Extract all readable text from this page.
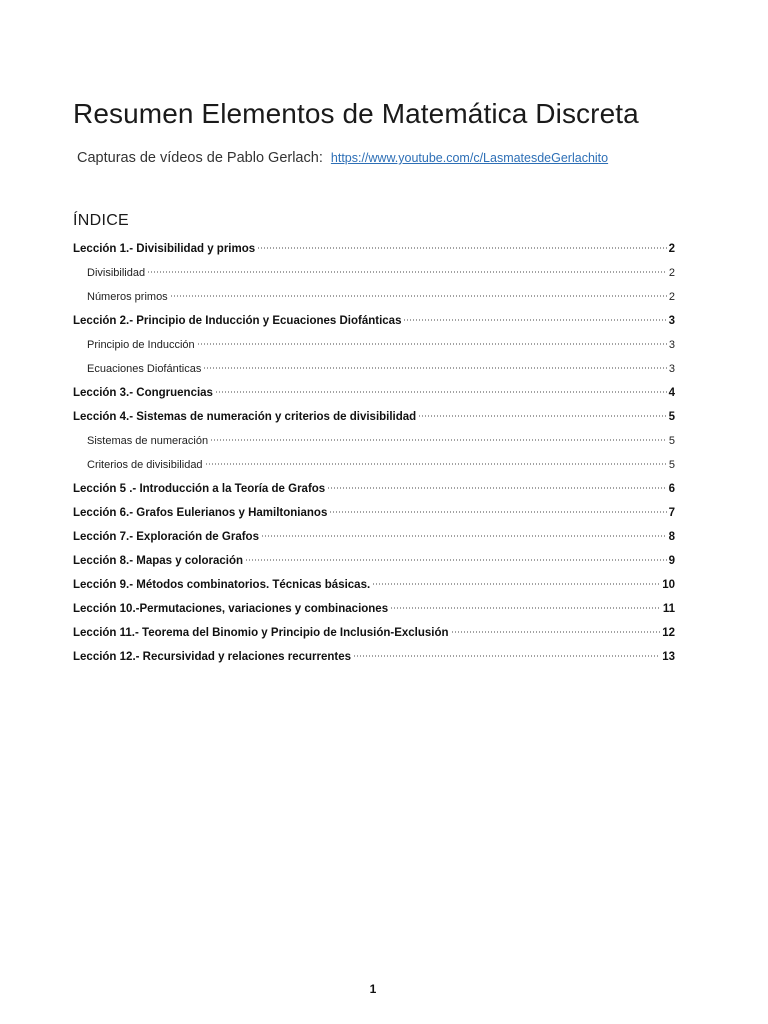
Resumen Elementos de Matemática Discreta
Capturas de vídeos de Pablo Gerlach: https://www.youtube.com/c/LasmatesdeGerlachito
ÍNDICE
Lección 1.- Divisibilidad y primos	2
Divisibilidad	2
Números primos	2
Lección 2.- Principio de Inducción y Ecuaciones Diofánticas	3
Principio de Inducción	3
Ecuaciones Diofánticas	3
Lección 3.- Congruencias	4
Lección 4.- Sistemas de numeración y criterios de divisibilidad	5
Sistemas de numeración	5
Criterios de divisibilidad	5
Lección 5 .- Introducción a la Teoría de Grafos	6
Lección 6.- Grafos Eulerianos y Hamiltonianos	7
Lección 7.- Exploración de Grafos	8
Lección 8.- Mapas y coloración	9
Lección 9.- Métodos combinatorios. Técnicas básicas.	10
Lección 10.-Permutaciones, variaciones y combinaciones	11
Lección 11.- Teorema del Binomio y Principio de Inclusión-Exclusión	12
Lección 12.- Recursividad y relaciones recurrentes	13
1
